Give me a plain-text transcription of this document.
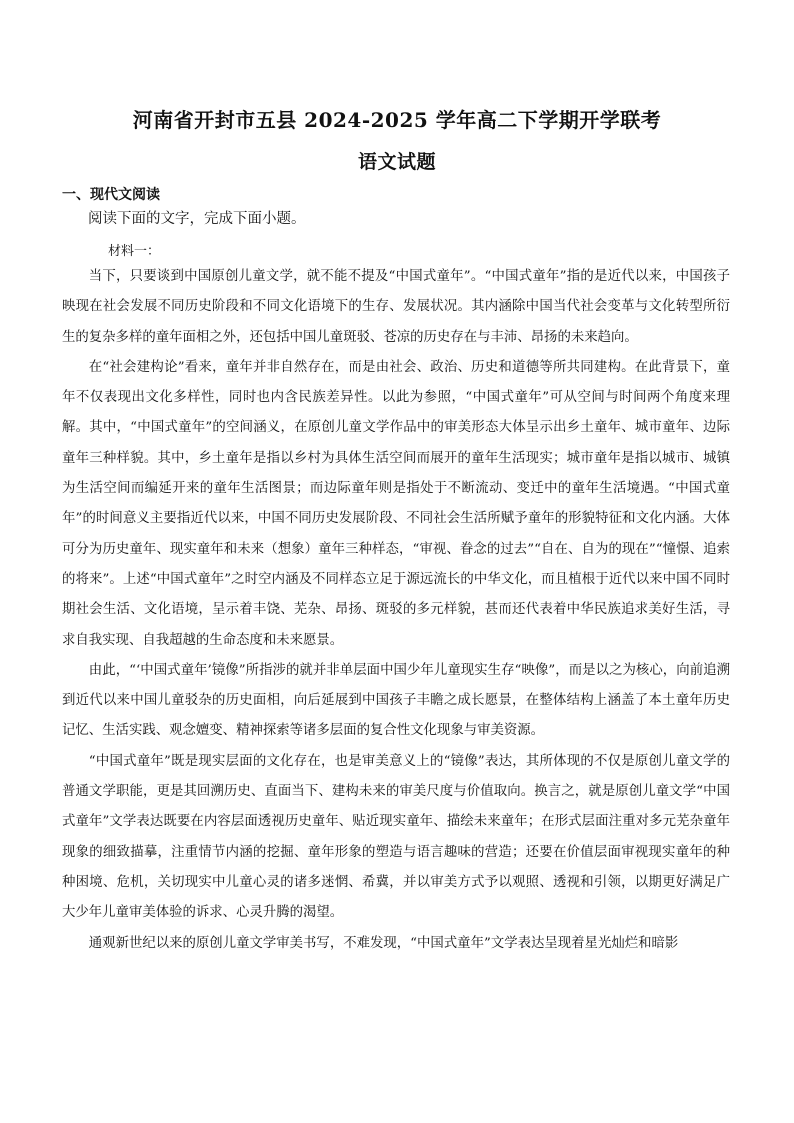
河南省开封市五县 2024-2025 学年高二下学期开学联考
语文试题
一、现代文阅读
阅读下面的文字，完成下面小题。
材料一：

当下，只要谈到中国原创儿童文学，就不能不提及“中国式童年”。“中国式童年”指的是近代以来，中国孩子映现在社会发展不同历史阶段和不同文化语境下的生存、发展状况。其内涵除中国当代社会变革与文化转型所衍生的复杂多样的童年面相之外，还包括中国儿童斑驳、苍凉的历史存在与丰沛、昂扬的未来趋向。

在“社会建构论”看来，童年并非自然存在，而是由社会、政治、历史和道德等所共同建构。在此背景下，童年不仅表现出文化多样性，同时也内含民族差异性。以此为参照，“中国式童年”可从空间与时间两个角度来理解。其中，“中国式童年”的空间涵义，在原创儿童文学作品中的审美形态大体呈示出乡土童年、城市童年、边际童年三种样貌。其中，乡土童年是指以乡村为具体生活空间而展开的童年生活现实；城市童年是指以城市、城镇为生活空间而编延开来的童年生活图景；而边际童年则是指处于不断流动、变迁中的童年生活境遇。“中国式童年”的时间意义主要指近代以来，中国不同历史发展阶段、不同社会生活所赋予童年的形貌特征和文化内涵。大体可分为历史童年、现实童年和未来（想象）童年三种样态，“审视、眷念的过去”“自在、自为的现在”“憧憬、追索的将来”。上述“中国式童年”之时空内涵及不同样态立足于源远流长的中华文化，而且植根于近代以来中国不同时期社会生活、文化语境，呈示着丰饶、芜杂、昂扬、斑驳的多元样貌，甚而还代表着中华民族追求美好生活，寻求自我实现、自我超越的生命态度和未来愿景。

由此，“‘中国式童年’镜像”所指涉的就并非单层面中国少年儿童现实生存“映像”，而是以之为核心，向前追溯到近代以来中国儿童驳杂的历史面相，向后延展到中国孩子丰瞻之成长愿景，在整体结构上涵盖了本土童年历史记忆、生活实践、观念嬗变、精神探索等诸多层面的复合性文化现象与审美资源。

“中国式童年”既是现实层面的文化存在，也是审美意义上的“镜像”表达，其所体现的不仅是原创儿童文学的普通文学职能，更是其回溯历史、直面当下、建构未来的审美尺度与价值取向。换言之，就是原创儿童文学“中国式童年”文学表达既要在内容层面透视历史童年、贴近现实童年、描绘未来童年；在形式层面注重对多元芜杂童年现象的细致描摹，注重情节内涵的挖掘、童年形象的塑造与语言趣味的营造；还要在价值层面审视现实童年的种种困境、危机，关切现实中儿童心灵的诸多迷惘、希冀，并以审美方式予以观照、透视和引领，以期更好满足广大少年儿童审美体验的诉求、心灵升腾的渴望。

通观新世纪以来的原创儿童文学审美书写，不难发现，“中国式童年”文学表达呈现着星光灿烂和暗影
